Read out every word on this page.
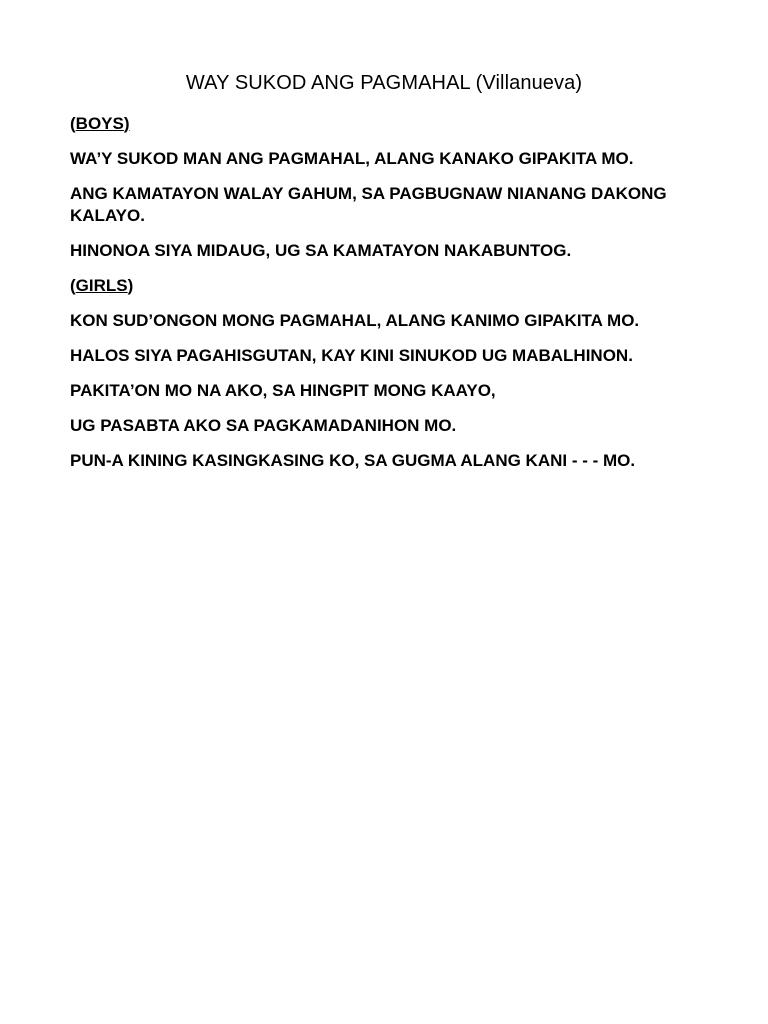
WAY SUKOD ANG PAGMAHAL (Villanueva)
(BOYS)
WA’Y SUKOD MAN ANG PAGMAHAL, ALANG KANAKO GIPAKITA MO.
ANG KAMATAYON WALAY GAHUM, SA PAGBUGNAW NIANANG DAKONG KALAYO.
HINONOA SIYA MIDAUG, UG SA KAMATAYON NAKABUNTOG.
(GIRLS)
KON SUD’ONGON MONG PAGMAHAL, ALANG KANIMO GIPAKITA MO.
HALOS SIYA PAGAHISGUTAN, KAY KINI SINUKOD UG MABALHINON.
PAKITA’ON MO NA AKO, SA HINGPIT MONG KAAYO,
UG PASABTA AKO SA PAGKAMADANIHON MO.
PUN-A KINING KASINGKASING KO, SA GUGMA ALANG KANI - - - MO.
